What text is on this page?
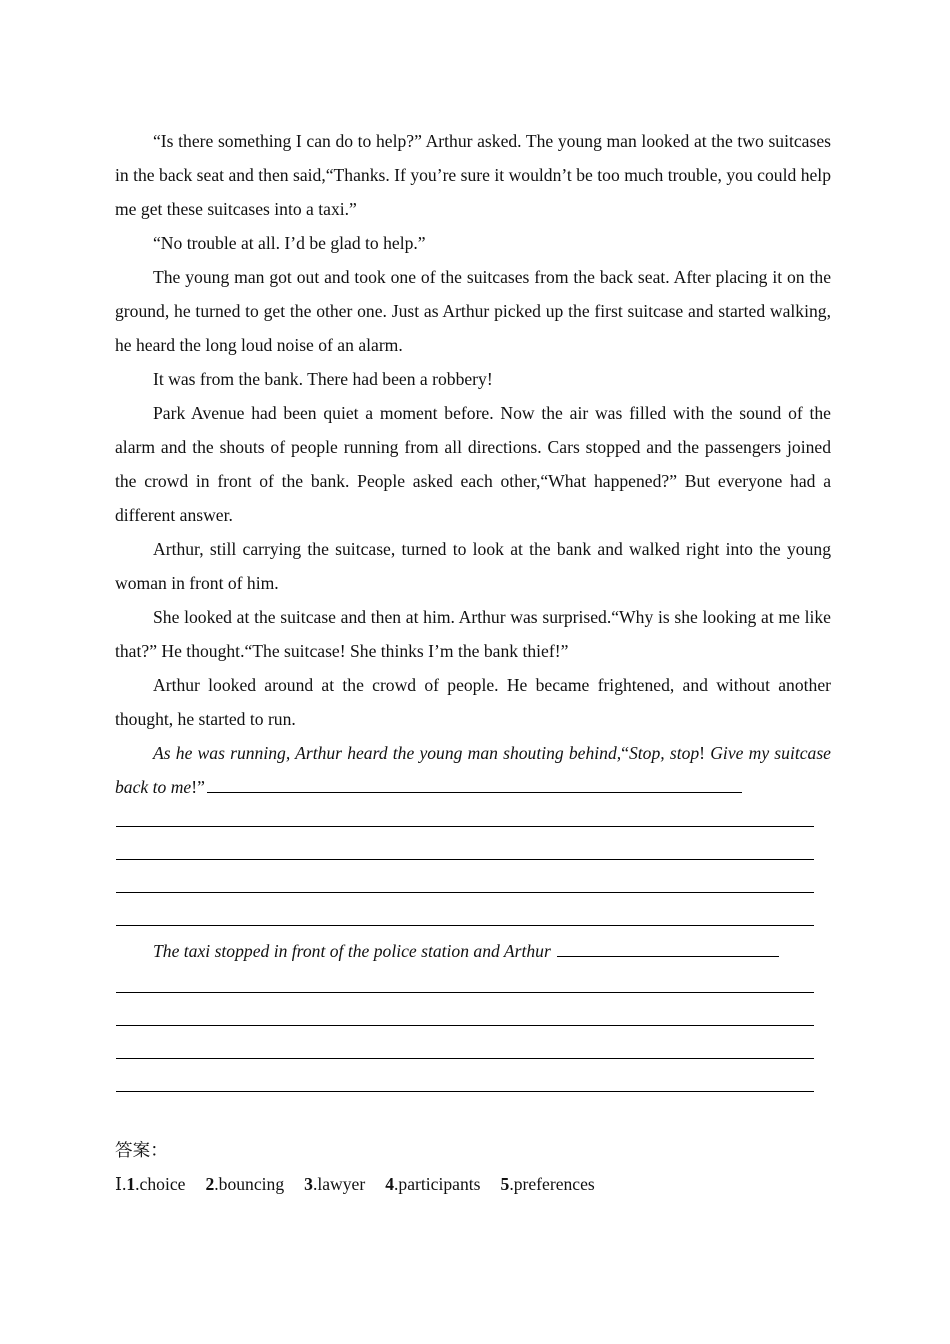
“Is there something I can do to help?” Arthur asked. The young man looked at the two suitcases in the back seat and then said,“Thanks. If you’re sure it wouldn’t be too much trouble, you could help me get these suitcases into a taxi.”

“No trouble at all. I’d be glad to help.”

The young man got out and took one of the suitcases from the back seat. After placing it on the ground, he turned to get the other one. Just as Arthur picked up the first suitcase and started walking, he heard the long loud noise of an alarm.

It was from the bank. There had been a robbery!

Park Avenue had been quiet a moment before. Now the air was filled with the sound of the alarm and the shouts of people running from all directions. Cars stopped and the passengers joined the crowd in front of the bank. People asked each other,“What happened?” But everyone had a different answer.

Arthur, still carrying the suitcase, turned to look at the bank and walked right into the young woman in front of him.

She looked at the suitcase and then at him. Arthur was surprised.“Why is she looking at me like that?” He thought.“The suitcase! She thinks I’m the bank thief!”

Arthur looked around at the crowd of people. He became frightened, and without another thought, he started to run.

As he was running, Arthur heard the young man shouting behind,“Stop, stop! Give my suitcase back to me!”

The taxi stopped in front of the police station and Arthur

答案：

Ⅰ.1.choice 2.bouncing 3.lawyer 4.participants 5.preferences
